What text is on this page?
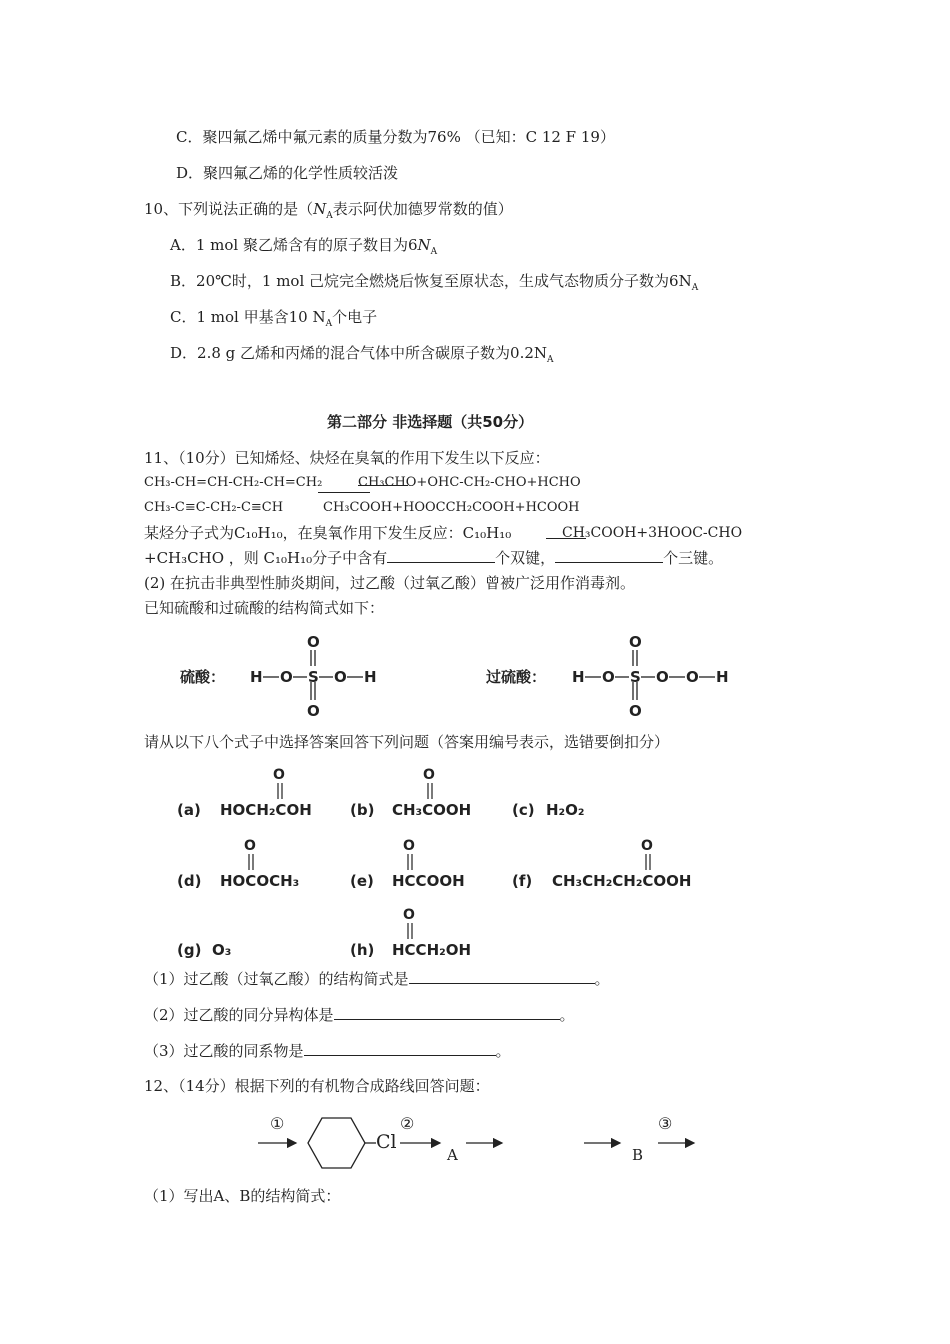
C．聚四氟乙烯中氟元素的质量分数为76% （已知：C 12 F 19）
D．聚四氟乙烯的化学性质较活泼
10、下列说法正确的是（$N_A$表示阿伏加德罗常数的值）
A．1 mol 聚乙烯含有的原子数目为$6N_A$
B．20℃时，1 mol 己烷完全燃烧后恢复至原状态，生成气态物质分子数为$6N_A$
C．1 mol 甲基含10 $N_A$个电子
D．2.8 g 乙烯和丙烯的混合气体中所含碳原子数为$0.2N_A$
第二部分 非选择题（共50分）
11、（10分）已知烯烃、炔烃在臭氧的作用下发生以下反应：
CH₃-CH=CH-CH₂-CH=CH₂	CH₃CHO+OHC-CH₂-CHO+HCHO
CH₃-C≡C-CH₂-C≡CH	CH₃COOH+HOOCCH₂COOH+HCOOH
某烃分子式为C₁₀H₁₀，在臭氧作用下发生反应：C₁₀H₁₀	CH₃COOH+3HOOC-CHO
+CH₃CHO ，则 C₁₀H₁₀分子中含有	个双键，	个三键。
(2) 在抗击非典型性肺炎期间，过乙酸（过氧乙酸）曾被广泛用作消毒剂。
已知硫酸和过硫酸的结构简式如下：
硫酸： H O S O H
O
O
过硫酸： H O S O O H
O
O
请从以下八个式子中选择答案回答下列问题（答案用编号表示，选错要倒扣分）
(a) HOCH₂COH
O
(b) CH₃COOH
O
(c) H₂O₂
(d) HOCOCH₃
O
(e) HCCOOH
O
(f) CH₃CH₂CH₂COOH
O
(g) O₃	(h) HCCH₂OH
O
（1）过乙酸（过氧乙酸）的结构简式是	。
（2）过乙酸的同分异构体是	。
（3）过乙酸的同系物是	。
12、（14分）根据下列的有机物合成路线回答问题：
①
Cl
②
A	B
③
（1）写出A、B的结构简式：
